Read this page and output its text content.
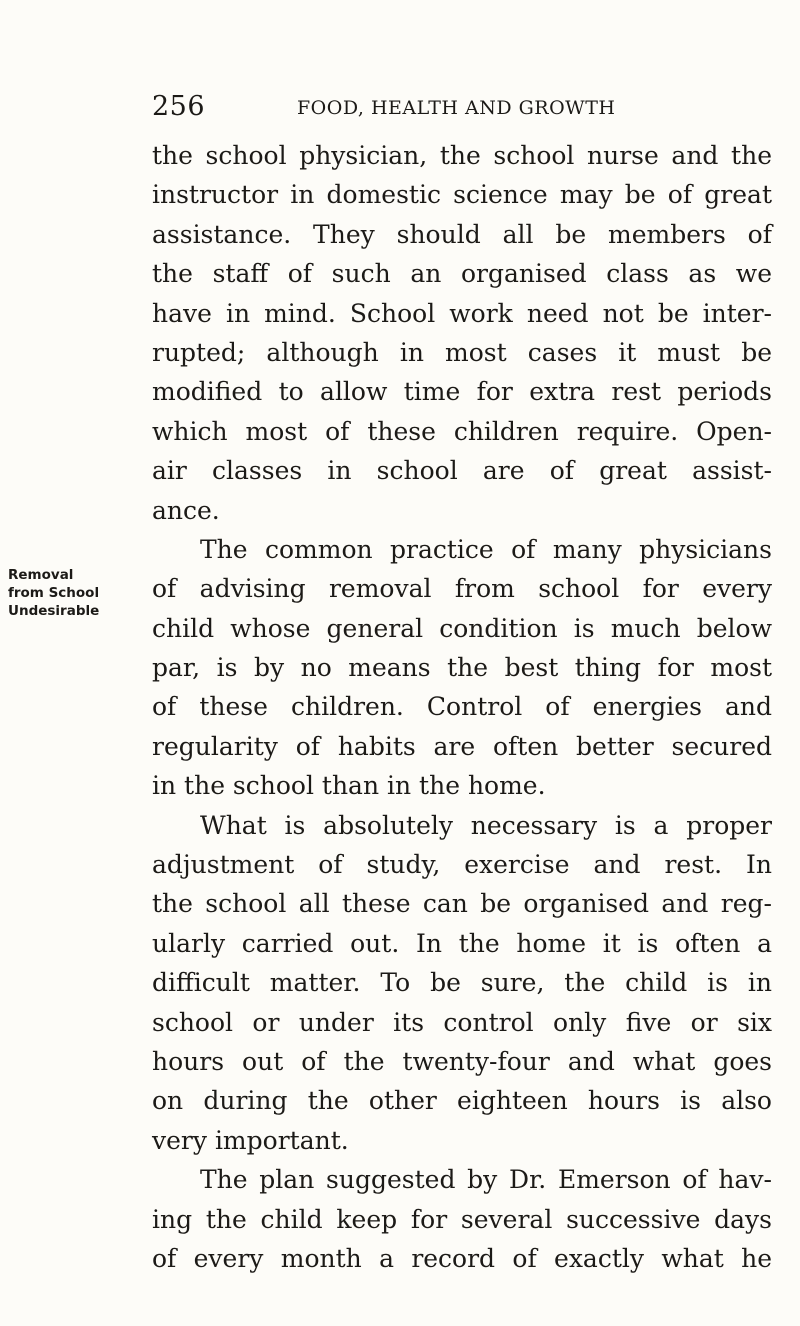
256	FOOD, HEALTH AND GROWTH
Removal
from School
Undesirable
the school physician, the school nurse and the
instructor in domestic science may be of great
assistance. They should all be members of
the staff of such an organised class as we
have in mind. School work need not be inter-
rupted; although in most cases it must be
modified to allow time for extra rest periods
which most of these children require. Open-
air classes in school are of great assist-
ance.
The common practice of many physicians
of advising removal from school for every
child whose general condition is much below
par, is by no means the best thing for most
of these children. Control of energies and
regularity of habits are often better secured
in the school than in the home.
What is absolutely necessary is a proper
adjustment of study, exercise and rest. In
the school all these can be organised and reg-
ularly carried out. In the home it is often a
difficult matter. To be sure, the child is in
school or under its control only five or six
hours out of the twenty-four and what goes
on during the other eighteen hours is also
very important.
The plan suggested by Dr. Emerson of hav-
ing the child keep for several successive days
of every month a record of exactly what he
